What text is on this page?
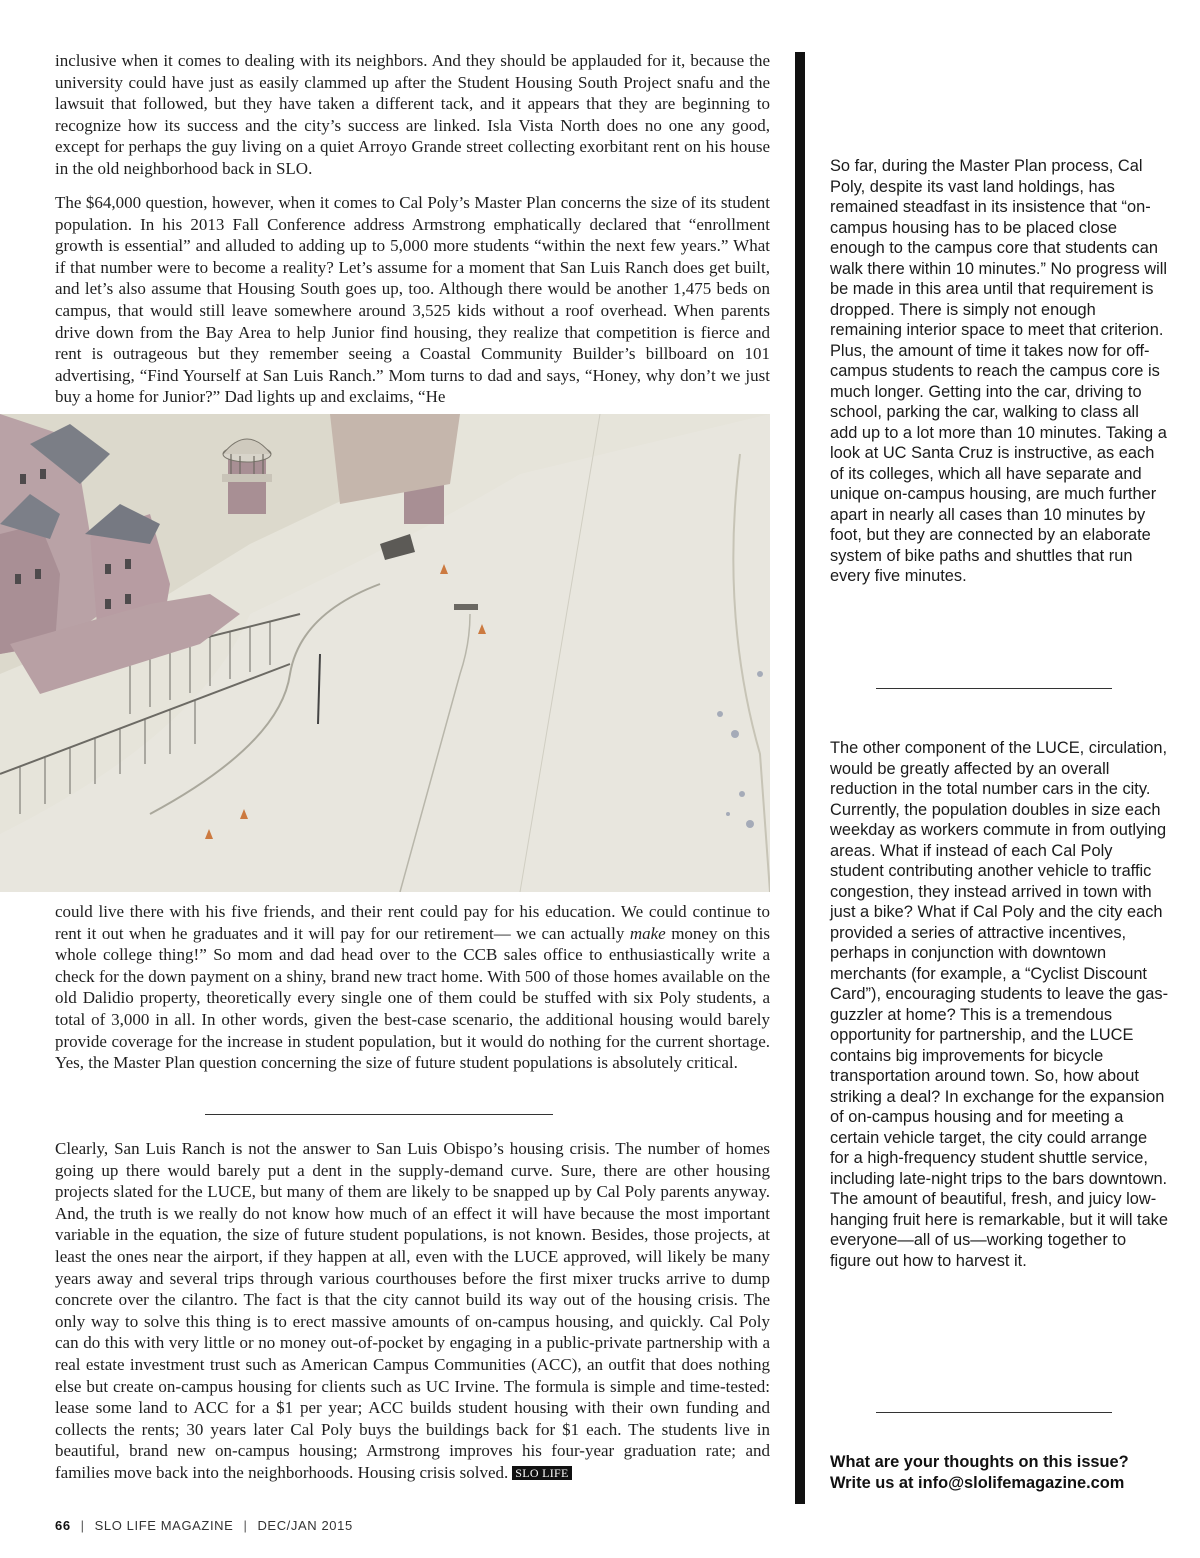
inclusive when it comes to dealing with its neighbors. And they should be applauded for it, because the university could have just as easily clammed up after the Student Housing South Project snafu and the lawsuit that followed, but they have taken a different tack, and it appears that they are beginning to recognize how its success and the city’s success are linked. Isla Vista North does no one any good, except for perhaps the guy living on a quiet Arroyo Grande street collecting exorbitant rent on his house in the old neighborhood back in SLO.

The $64,000 question, however, when it comes to Cal Poly’s Master Plan concerns the size of its student population. In his 2013 Fall Conference address Armstrong emphatically declared that “enrollment growth is essential” and alluded to adding up to 5,000 more students “within the next few years.” What if that number were to become a reality? Let’s assume for a moment that San Luis Ranch does get built, and let’s also assume that Housing South goes up, too. Although there would be another 1,475 beds on campus, that would still leave somewhere around 3,525 kids without a roof overhead. When parents drive down from the Bay Area to help Junior find housing, they realize that competition is fierce and rent is outrageous but they remember seeing a Coastal Community Builder’s billboard on 101 advertising, “Find Yourself at San Luis Ranch.” Mom turns to dad and says, “Honey, why don’t we just buy a home for Junior?” Dad lights up and exclaims, “He

could live there with his five friends, and their rent could pay for his education. We could continue to rent it out when he graduates and it will pay for our retirement— we can actually make money on this whole college thing!” So mom and dad head over to the CCB sales office to enthusiastically write a check for the down payment on a shiny, brand new tract home. With 500 of those homes available on the old Dalidio property, theoretically every single one of them could be stuffed with six Poly students, a total of 3,000 in all. In other words, given the best-case scenario, the additional housing would barely provide coverage for the increase in student population, but it would do nothing for the current shortage. Yes, the Master Plan question concerning the size of future student populations is absolutely critical.

Clearly, San Luis Ranch is not the answer to San Luis Obispo’s housing crisis. The number of homes going up there would barely put a dent in the supply-demand curve. Sure, there are other housing projects slated for the LUCE, but many of them are likely to be snapped up by Cal Poly parents anyway. And, the truth is we really do not know how much of an effect it will have because the most important variable in the equation, the size of future student populations, is not known. Besides, those projects, at least the ones near the airport, if they happen at all, even with the LUCE approved, will likely be many years away and several trips through various courthouses before the first mixer trucks arrive to dump concrete over the cilantro. The fact is that the city cannot build its way out of the housing crisis. The only way to solve this thing is to erect massive amounts of on-campus housing, and quickly. Cal Poly can do this with very little or no money out-of-pocket by engaging in a public-private partnership with a real estate investment trust such as American Campus Communities (ACC), an outfit that does nothing else but create on-campus housing for clients such as UC Irvine. The formula is simple and time-tested: lease some land to ACC for a $1 per year; ACC builds student housing with their own funding and collects the rents; 30 years later Cal Poly buys the buildings back for $1 each. The students live in beautiful, brand new on-campus housing; Armstrong improves his four-year graduation rate; and families move back into the neighborhoods. Housing crisis solved. SLO LIFE

So far, during the Master Plan process, Cal Poly, despite its vast land holdings, has remained steadfast in its insistence that “on-campus housing has to be placed close enough to the campus core that students can walk there within 10 minutes.” No progress will be made in this area until that requirement is dropped. There is simply not enough remaining interior space to meet that criterion. Plus, the amount of time it takes now for off-campus students to reach the campus core is much longer. Getting into the car, driving to school, parking the car, walking to class all add up to a lot more than 10 minutes. Taking a look at UC Santa Cruz is instructive, as each of its colleges, which all have separate and unique on-campus housing, are much further apart in nearly all cases than 10 minutes by foot, but they are connected by an elaborate system of bike paths and shuttles that run every five minutes.

The other component of the LUCE, circulation, would be greatly affected by an overall reduction in the total number cars in the city. Currently, the population doubles in size each weekday as workers commute in from outlying areas. What if instead of each Cal Poly student contributing another vehicle to traffic congestion, they instead arrived in town with just a bike? What if Cal Poly and the city each provided a series of attractive incentives, perhaps in conjunction with downtown merchants (for example, a “Cyclist Discount Card”), encouraging students to leave the gas-guzzler at home? This is a tremendous opportunity for partnership, and the LUCE contains big improvements for bicycle transportation around town. So, how about striking a deal? In exchange for the expansion of on-campus housing and for meeting a certain vehicle target, the city could arrange for a high-frequency student shuttle service, including late-night trips to the bars downtown. The amount of beautiful, fresh, and juicy low-hanging fruit here is remarkable, but it will take everyone—all of us—working together to figure out how to harvest it.

What are your thoughts on this issue?
Write us at info@slolifemagazine.com
66 | SLO LIFE MAGAZINE | DEC/JAN 2015
